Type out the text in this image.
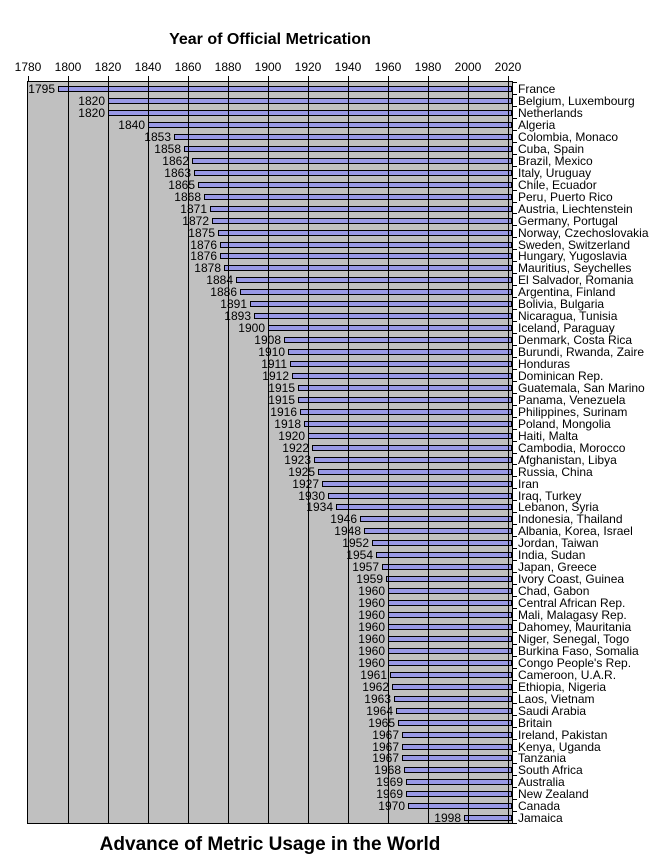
Year of Official Metrication
1795
1820
1820
1840
1853
1858
1862
1863
1865
1868
1871
1872
1875
1876
1876
1878
1884
1886
1891
1893
1900
1908
1910
1911
1912
1915
1915
1916
1918
1920
1922
1923
1925
1927
1930
1934
1946
1948
1952
1954
1957
1959
1960
1960
1960
1960
1960
1960
1960
1961
1962
1963
1964
1965
1967
1967
1967
1968
1969
1969
1970
1998
Advance of Metric Usage in the World
1780 1800 1820 1840 1860 1880 1900 1920 1940 1960 1980 2000 2020
France
Belgium, Luxembourg
Netherlands
Algeria
Colombia, Monaco
Cuba, Spain
Brazil, Mexico
Italy, Uruguay
Chile, Ecuador
Peru, Puerto Rico
Austria, Liechtenstein
Germany, Portugal
Norway, Czechoslovakia
Sweden, Switzerland
Hungary, Yugoslavia
Mauritius, Seychelles
El Salvador, Romania
Argentina, Finland
Bolivia, Bulgaria
Nicaragua, Tunisia
Iceland, Paraguay
Denmark, Costa Rica
Burundi, Rwanda, Zaire
Honduras
Dominican Rep.
Guatemala, San Marino
Panama, Venezuela
Philippines, Surinam
Poland, Mongolia
Haiti, Malta
Cambodia, Morocco
Afghanistan, Libya
Russia, China
Iran
Iraq, Turkey
Lebanon, Syria
Indonesia, Thailand
Albania, Korea, Israel
Jordan, Taiwan
India, Sudan
Japan, Greece
Ivory Coast, Guinea
Chad, Gabon
Central African Rep.
Mali, Malagasy Rep.
Dahomey, Mauritania
Niger, Senegal, Togo
Burkina Faso, Somalia
Congo People's Rep.
Cameroon, U.A.R.
Ethiopia, Nigeria
Laos, Vietnam
Saudi Arabia
Britain
Ireland, Pakistan
Kenya, Uganda
Tanzania
South Africa
Australia
New Zealand
Canada
Jamaica
